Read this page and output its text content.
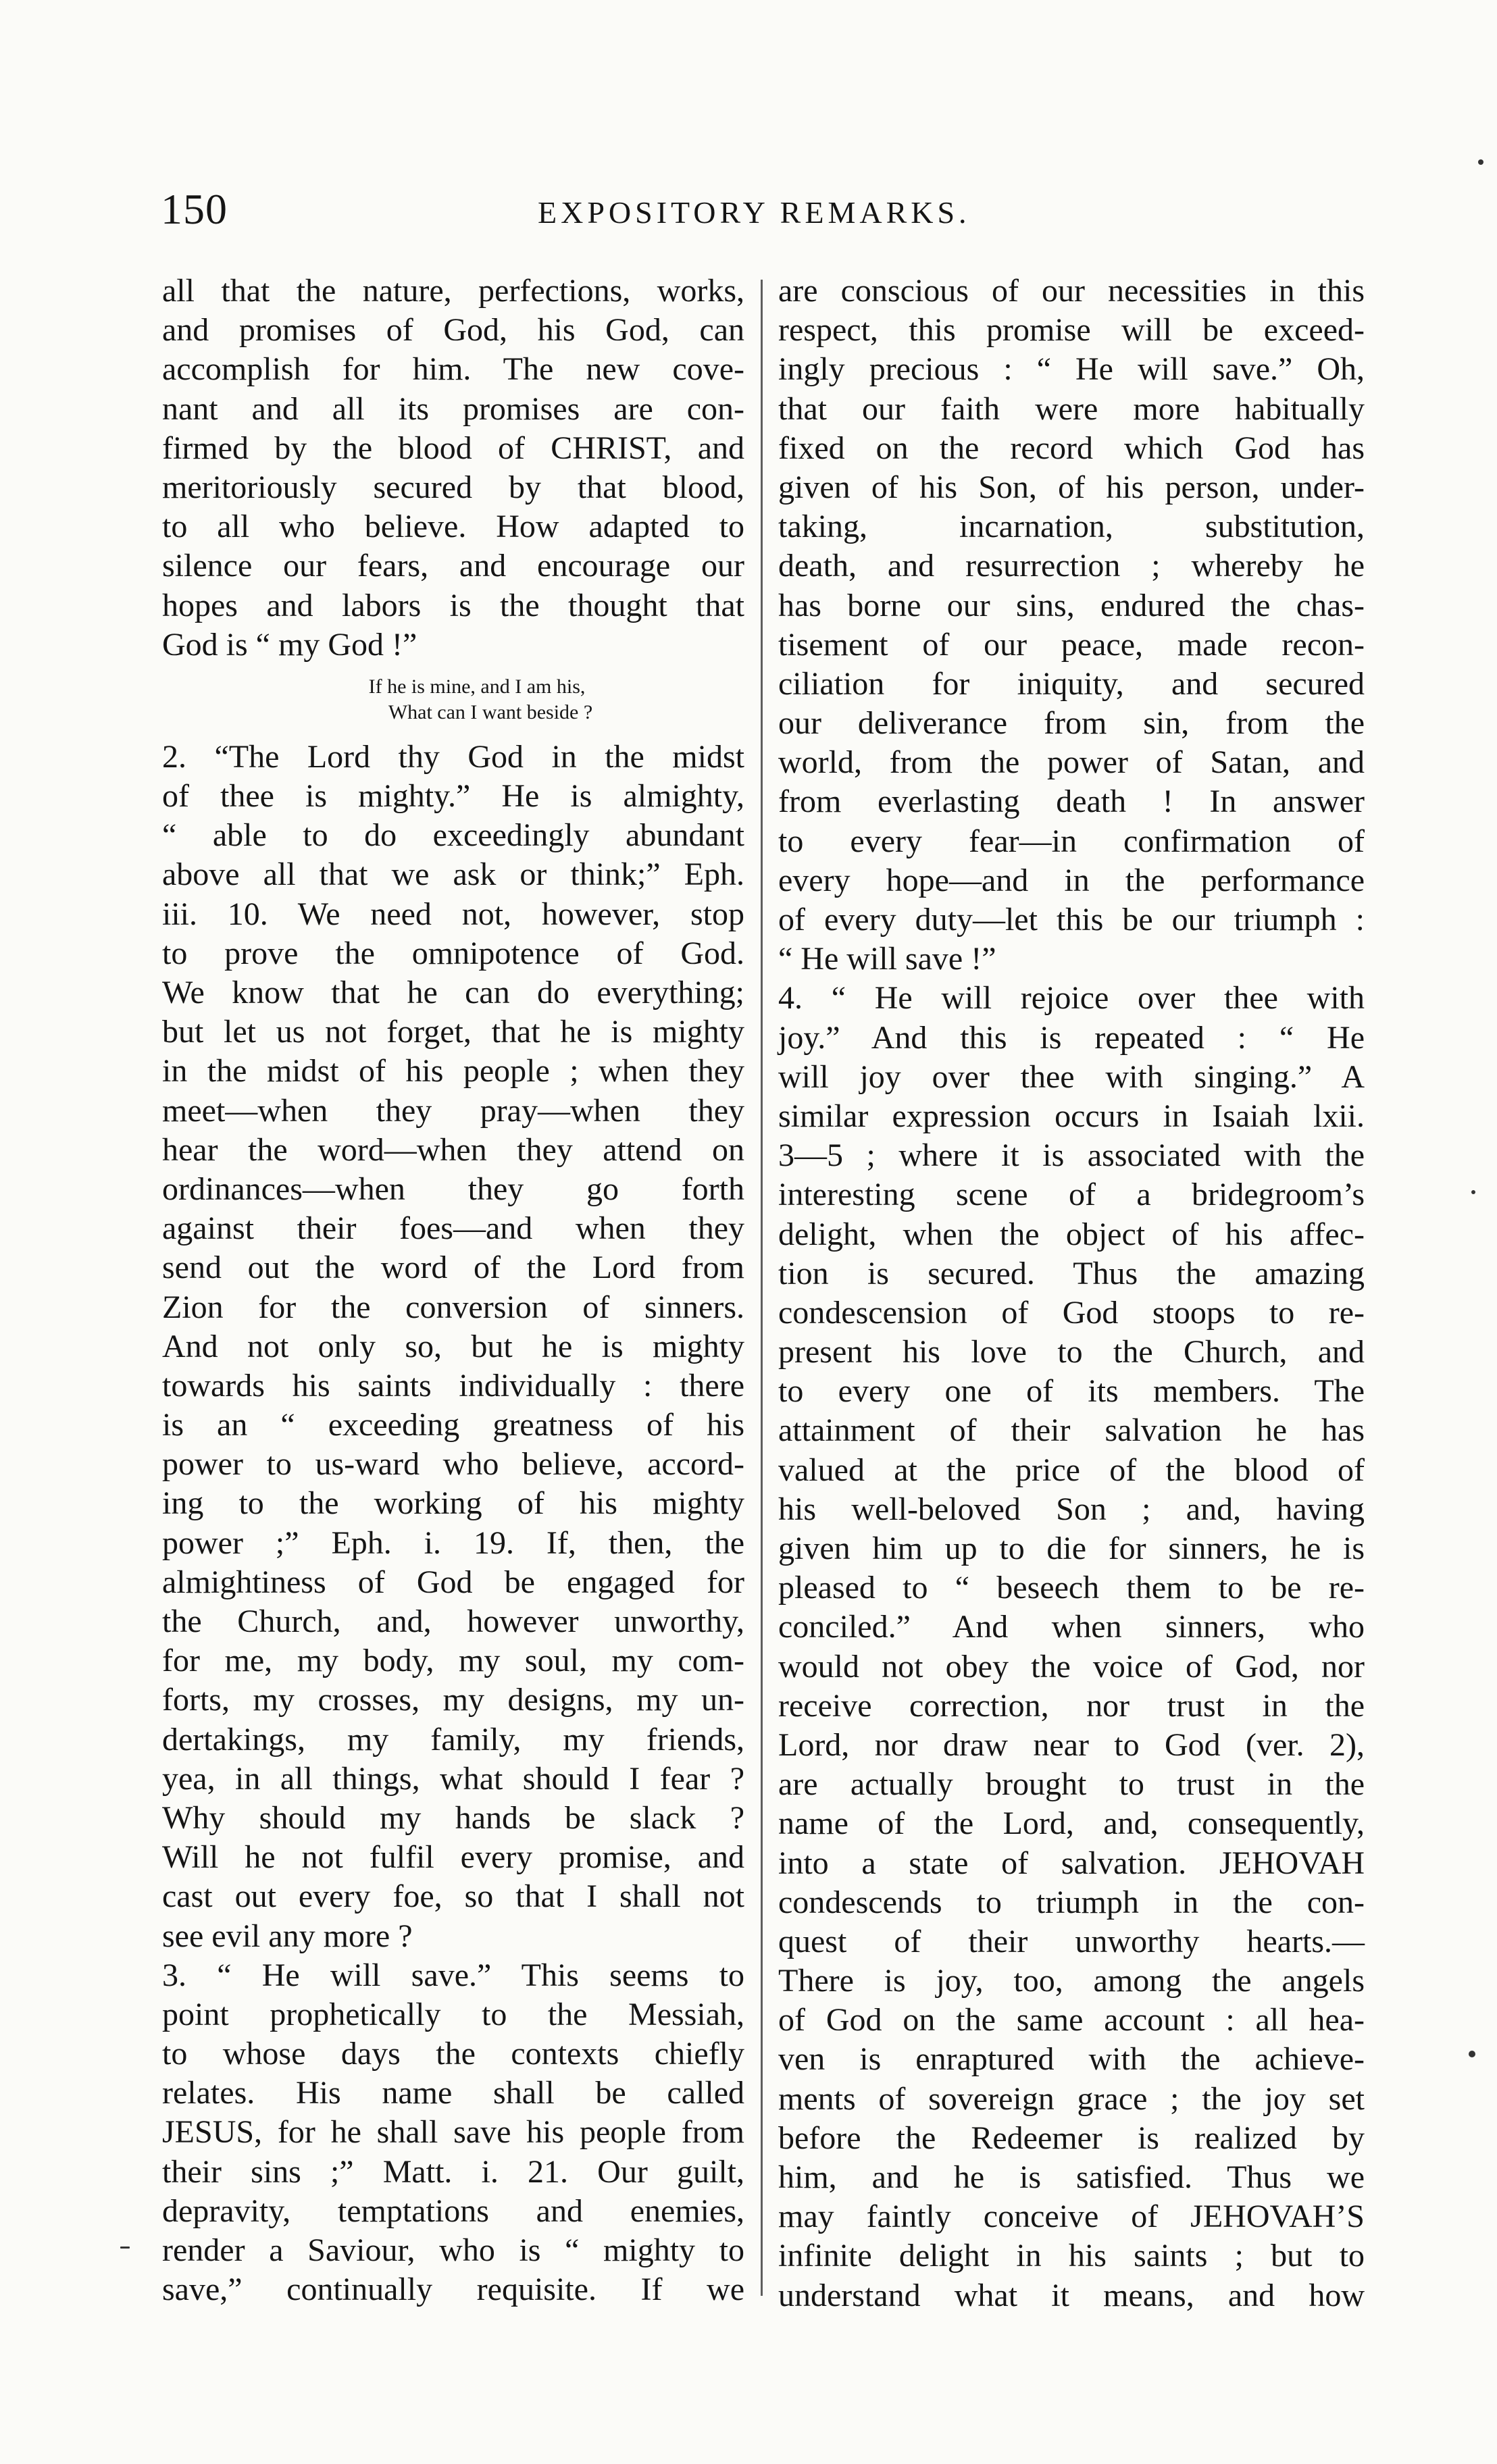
150	EXPOSITORY REMARKS.
all that the nature, perfections, works,
and promises of God, his God, can
accomplish for him. The new cove-
nant and all its promises are con-
firmed by the blood of CHRIST, and
meritoriously secured by that blood,
to all who believe. How adapted to
silence our fears, and encourage our
hopes and labors is the thought that
God is “ my God !”
If he is mine, and I am his,
What can I want beside ?
2. “The Lord thy God in the midst
of thee is mighty.” He is almighty,
“ able to do exceedingly abundant
above all that we ask or think;” Eph.
iii. 10. We need not, however, stop
to prove the omnipotence of God.
We know that he can do everything;
but let us not forget, that he is mighty
in the midst of his people ; when they
meet—when they pray—when they
hear the word—when they attend on
ordinances—when they go forth
against their foes—and when they
send out the word of the Lord from
Zion for the conversion of sinners.
And not only so, but he is mighty
towards his saints individually : there
is an “ exceeding greatness of his
power to us-ward who believe, accord-
ing to the working of his mighty
power ;” Eph. i. 19. If, then, the
almightiness of God be engaged for
the Church, and, however unworthy,
for me, my body, my soul, my com-
forts, my crosses, my designs, my un-
dertakings, my family, my friends,
yea, in all things, what should I fear ?
Why should my hands be slack ?
Will he not fulfil every promise, and
cast out every foe, so that I shall not
see evil any more ?
3. “ He will save.” This seems to
point prophetically to the Messiah,
to whose days the contexts chiefly
relates. His name shall be called
JESUS, for he shall save his people from
their sins ;” Matt. i. 21. Our guilt,
depravity, temptations and enemies,
render a Saviour, who is “ mighty to
save,” continually requisite. If we
are conscious of our necessities in this
respect, this promise will be exceed-
ingly precious : “ He will save.” Oh,
that our faith were more habitually
fixed on the record which God has
given of his Son, of his person, under-
taking, incarnation, substitution,
death, and resurrection ; whereby he
has borne our sins, endured the chas-
tisement of our peace, made recon-
ciliation for iniquity, and secured
our deliverance from sin, from the
world, from the power of Satan, and
from everlasting death ! In answer
to every fear—in confirmation of
every hope—and in the performance
of every duty—let this be our triumph :
“ He will save !”
4. “ He will rejoice over thee with
joy.” And this is repeated : “ He
will joy over thee with singing.” A
similar expression occurs in Isaiah lxii.
3—5 ; where it is associated with the
interesting scene of a bridegroom’s
delight, when the object of his affec-
tion is secured. Thus the amazing
condescension of God stoops to re-
present his love to the Church, and
to every one of its members. The
attainment of their salvation he has
valued at the price of the blood of
his well-beloved Son ; and, having
given him up to die for sinners, he is
pleased to “ beseech them to be re-
conciled.” And when sinners, who
would not obey the voice of God, nor
receive correction, nor trust in the
Lord, nor draw near to God (ver. 2),
are actually brought to trust in the
name of the Lord, and, consequently,
into a state of salvation. JEHOVAH
condescends to triumph in the con-
quest of their unworthy hearts.—
There is joy, too, among the angels
of God on the same account : all hea-
ven is enraptured with the achieve-
ments of sovereign grace ; the joy set
before the Redeemer is realized by
him, and he is satisfied. Thus we
may faintly conceive of JEHOVAH’S
infinite delight in his saints ; but to
understand what it means, and how
